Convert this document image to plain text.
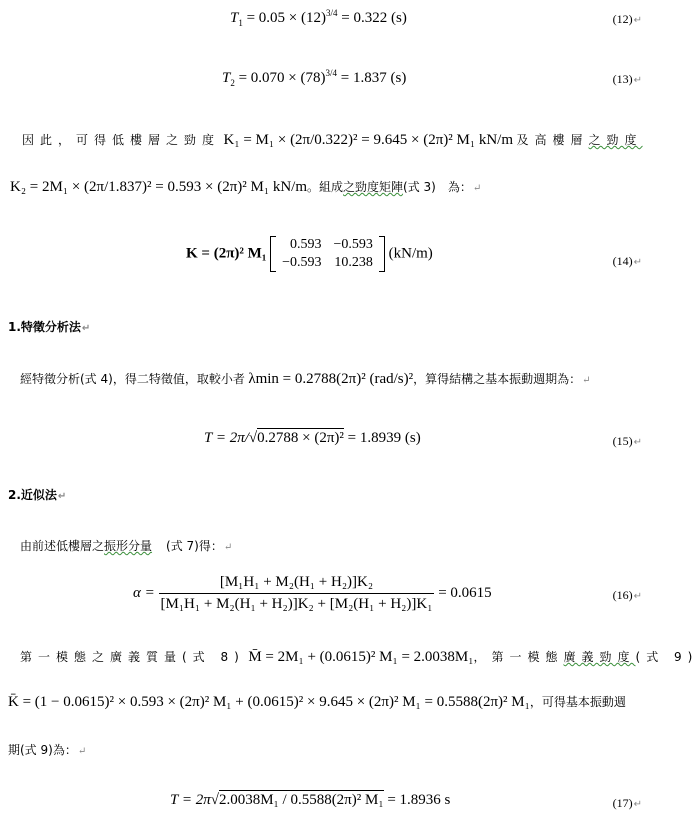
$T_1 = 0.05 \times (12)^{3/4} = 0.322$ (s)	(12)↵
$T_2 = 0.070 \times (78)^{3/4} = 1.837$ (s)	(13)↵
因此，可得低樓層之勁度 K₁ = M₁ × (2π/0.322)² = 9.645 × (2π)² M₁ kN/m 及高樓層之勁度
K₂ = 2M₁ × (2π/1.837)² = 0.593 × (2π)² M₁ kN/m。組成之勁度矩陣(式 3)　為：↵
K = (2π)² M₁
0.593	−0.593
−0.593	10.238
(kN/m)	(14)↵
1.特徵分析法↵
經特徵分析(式 4)，得二特徵值，取較小者 λmin = 0.2788(2π)² (rad/s)²，算得結構之基本振動週期為：↵
T = 2π/√0.2788 × (2π)² = 1.8939 (s)	(15)↵
2.近似法↵
由前述低樓層之振形分量　 (式 7)得：↵
$\alpha = \frac{\text{[M₁H₁ + M₂(H₁ + H₂)]K₂}}{\text{[M₁H₁ + M₂(H₁ + H₂)]K₂ + [M₂(H₁ + H₂)]K₁}} = 0.0615$	(16)↵
第一模態之廣義質量(式 8) M̄ = 2M₁ + (0.0615)² M₁ = 2.0038M₁，第一模態廣義勁度(式 9)
K̄ = (1 − 0.0615)² × 0.593 × (2π)² M₁ + (0.0615)² × 9.645 × (2π)² M₁ = 0.5588(2π)² M₁，可得基本振動週
期(式 9)為：↵
T = 2π√2.0038M₁ / 0.5588(2π)² M₁ = 1.8936 s	(17)↵
